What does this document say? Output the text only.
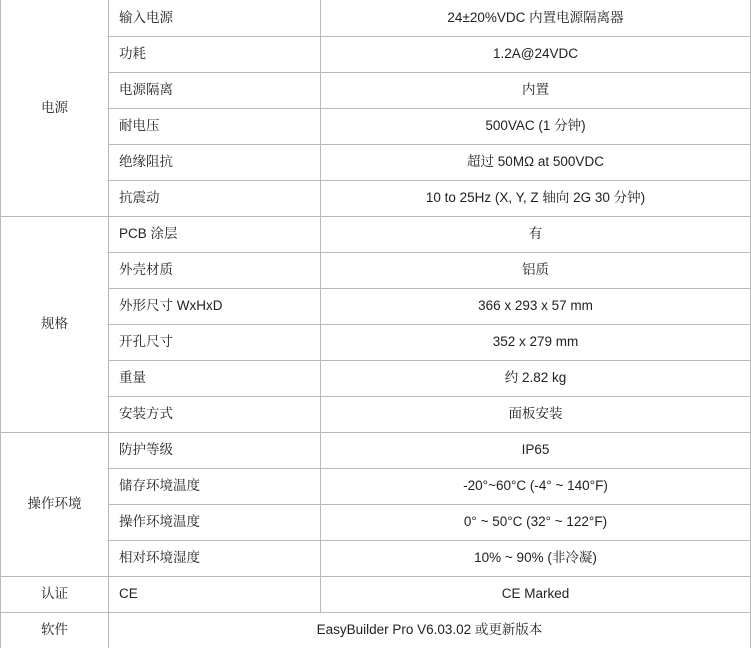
电源	输入电源	24±20%VDC 内置电源隔离器
	功耗	1.2A@24VDC
	电源隔离	内置
	耐电压	500VAC (1 分钟)
	绝缘阻抗	超过 50MΩ at 500VDC
	抗震动	10 to 25Hz (X, Y, Z 轴向 2G 30 分钟)
规格	PCB 涂层	有
	外壳材质	铝质
	外形尺寸 WxHxD	366 x 293 x 57 mm
	开孔尺寸	352 x 279 mm
	重量	约 2.82 kg
	安装方式	面板安装
操作环境	防护等级	IP65
	储存环境温度	-20°~60°C (-4° ~ 140°F)
	操作环境温度	0° ~ 50°C (32° ~ 122°F)
	相对环境湿度	10% ~ 90% (非冷凝)
认证	CE	CE Marked
软件	EasyBuilder Pro V6.03.02 或更新版本	
